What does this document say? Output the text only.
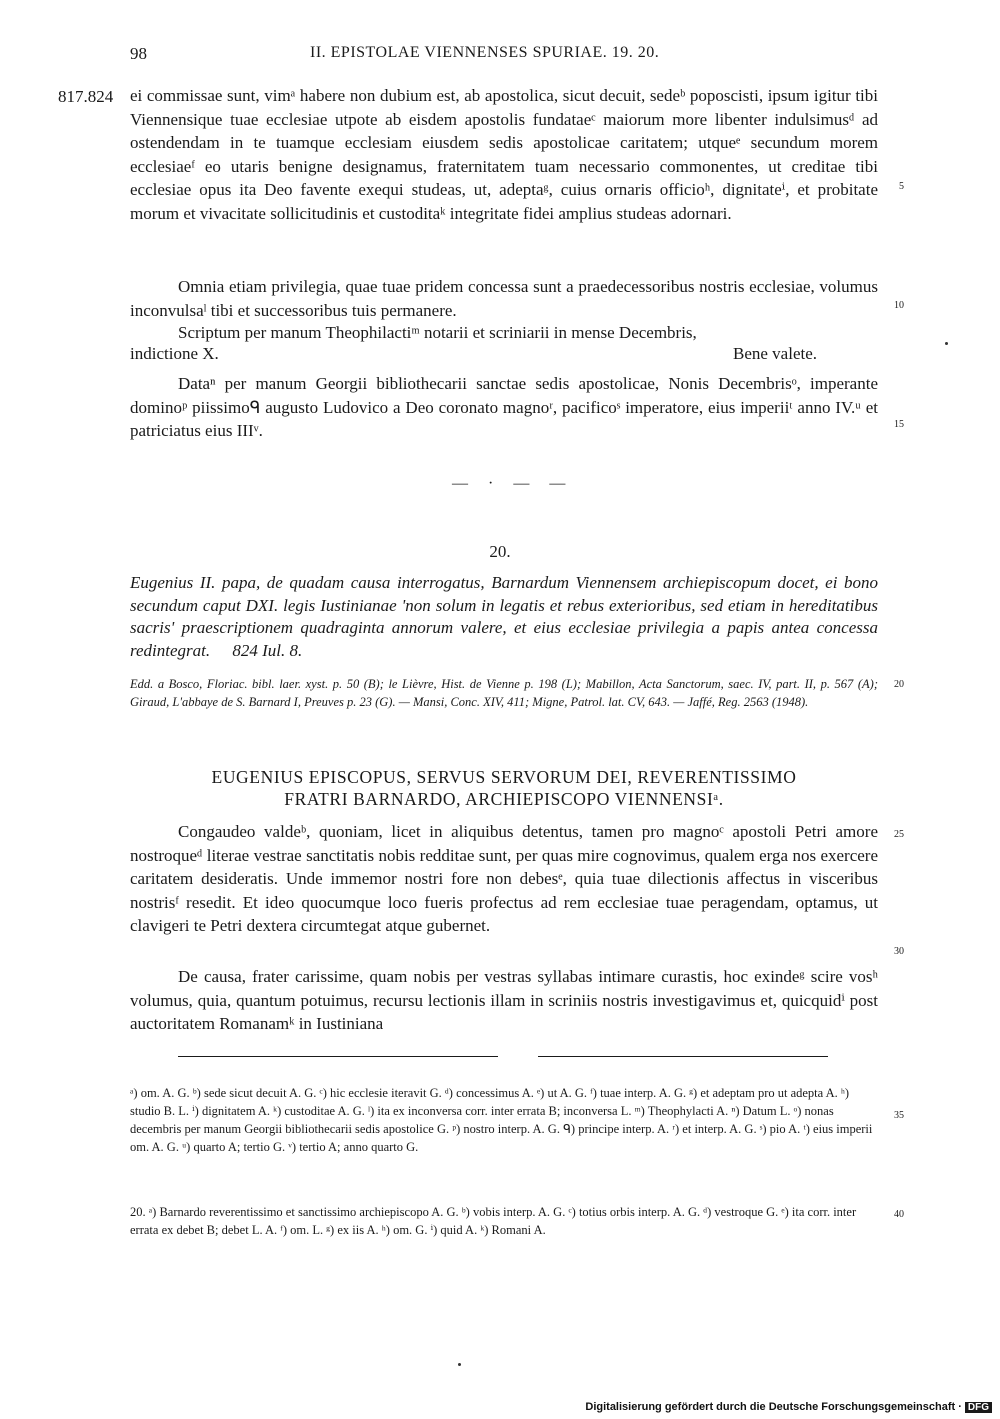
98	II. EPISTOLAE VIENNENSES SPURIAE. 19. 20.
817.824 ei commissae sunt, vimᵃ habere non dubium est, ab apostolica, sicut decuit, sedeᵇ poposcisti, ipsum igitur tibi Viennensique tuae ecclesiae utpote ab eisdem apostolis fundataeᶜ maiorum more libenter indulsimusᵈ ad ostendendam in te tuamque ecclesiam eiusdem sedis apostolicae caritatem; utqueᵉ secundum morem ecclesiaeᶠ eo utaris benigne designamus, fraternitatem tuam necessario commonentes, ut creditae tibi ecclesiae opus ita Deo favente exequi studeas, ut, adeptaᵍ, cuius ornaris officioʰ, dignitateⁱ, et probitate morum et vivacitate sollicitudinis et custoditaᵏ integritate fidei amplius studeas adornari.
Omnia etiam privilegia, quae tuae pridem concessa sunt a praedecessoribus nostris ecclesiae, volumus inconvulsaˡ tibi et successoribus tuis permanere.
Scriptum per manum Theophilactiᵐ notarii et scriniarii in mense Decembris,
indictione X.	Bene valete.
Dataⁿ per manum Georgii bibliothecarii sanctae sedis apostolicae, Nonis Decembrisᵒ, imperante dominoᵖ piissimoᑫ augusto Ludovico a Deo coronato magnoʳ, pacificoˢ imperatore, eius imperiiᵗ anno IV.ᵘ et patriciatus eius IIIᵛ.
5
10
15
20
25
30
35
40
— · — —
20.
Eugenius II. papa, de quadam causa interrogatus, Barnardum Viennensem archiepiscopum docet, ei bono secundum caput DXI. legis Iustinianae 'non solum in legatis et rebus exterioribus, sed etiam in hereditatibus sacris' praescriptionem quadraginta annorum valere, et eius ecclesiae privilegia a papis antea concessa redintegrat. 824 Iul. 8.
Edd. a Bosco, Floriac. bibl. laer. xyst. p. 50 (B); le Lièvre, Hist. de Vienne p. 198 (L); Mabillon, Acta Sanctorum, saec. IV, part. II, p. 567 (A); Giraud, L'abbaye de S. Barnard I, Preuves p. 23 (G). — Mansi, Conc. XIV, 411; Migne, Patrol. lat. CV, 643. — Jaffé, Reg. 2563 (1948).
EUGENIUS EPISCOPUS, SERVUS SERVORUM DEI, REVERENTISSIMO
FRATRI BARNARDO, ARCHIEPISCOPO VIENNENSIᵃ.
Congaudeo valdeᵇ, quoniam, licet in aliquibus detentus, tamen pro magnoᶜ apostoli Petri amore nostroqueᵈ literae vestrae sanctitatis nobis redditae sunt, per quas mire cognovimus, qualem erga nos exercere caritatem desideratis. Unde immemor nostri fore non debesᵉ, quia tuae dilectionis affectus in visceribus nostrisᶠ resedit. Et ideo quocumque loco fueris profectus ad rem ecclesiae tuae peragendam, optamus, ut clavigeri te Petri dextera circumtegat atque gubernet.
De causa, frater carissime, quam nobis per vestras syllabas intimare curastis, hoc exindeᵍ scire vosʰ volumus, quia, quantum potuimus, recursu lectionis illam in scriniis nostris investigavimus et, quicquidⁱ post auctoritatem Romanamᵏ in Iustiniana
ᵃ) om. A. G. ᵇ) sede sicut decuit A. G. ᶜ) hic ecclesie iteravit G. ᵈ) concessimus A. ᵉ) ut A. G. ᶠ) tuae interp. A. G. ᵍ) et adeptam pro ut adepta A. ʰ) studio B. L. ⁱ) dignitatem A. ᵏ) custoditae A. G. ˡ) ita ex inconversa corr. inter errata B; inconversa L. ᵐ) Theophylacti A. ⁿ) Datum L. ᵒ) nonas decembris per manum Georgii bibliothecarii sedis apostolice G. ᵖ) nostro interp. A. G. ᑫ) principe interp. A. ʳ) et interp. A. G. ˢ) pio A. ᵗ) eius imperii om. A. G. ᵘ) quarto A; tertio G. ᵛ) tertio A; anno quarto G.
20. ᵃ) Barnardo reverentissimo et sanctissimo archiepiscopo A. G. ᵇ) vobis interp. A. G. ᶜ) totius orbis interp. A. G. ᵈ) vestroque G. ᵉ) ita corr. inter errata ex debet B; debet L. A. ᶠ) om. L. ᵍ) ex iis A. ʰ) om. G. ⁱ) quid A. ᵏ) Romani A.
Digitalisierung gefördert durch die Deutsche Forschungsgemeinschaft · DFG
